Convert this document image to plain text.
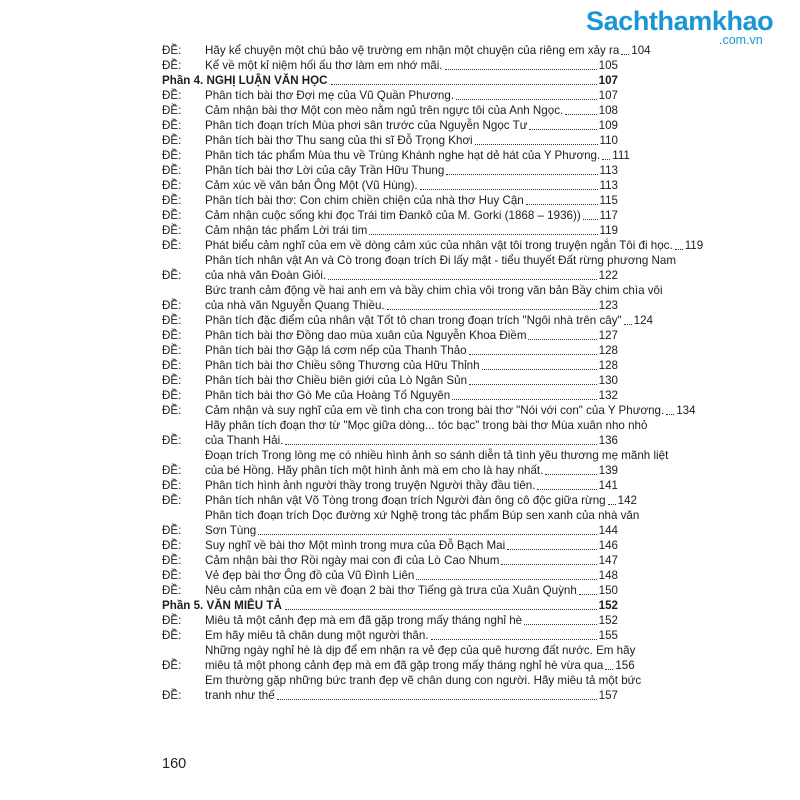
Sachthamkhao
.com.vn
ĐỀ:	Hãy kể chuyện một chú bảo vệ trường em nhận một chuyện của riêng em xảy ra 104
ĐỀ:	Kể về một kỉ niệm hối ấu thơ làm em nhớ mãi.	105
Phần 4. NGHỊ LUẬN VĂN HỌC	107
ĐỀ:	Phân tích bài thơ Đợi mẹ của Vũ Quần Phương.	107
ĐỀ:	Cảm nhận bài thơ Một con mèo nằm ngủ trên ngực tôi của Anh Ngọc.	108
ĐỀ:	Phân tích đoạn trích Mùa phơi sân trước của Nguyễn Ngọc Tư	109
ĐỀ:	Phân tích bài thơ Thu sang của thi sĩ Đỗ Trọng Khơi	110
ĐỀ:	Phân tích tác phẩm Mùa thu về Trùng Khánh nghe hạt dẻ hát của Y Phương. 111
ĐỀ:	Phân tích bài thơ Lời của cây Trần Hữu Thung	113
ĐỀ:	Cảm xúc về văn bản Ông Một (Vũ Hùng).	113
ĐỀ:	Phân tích bài thơ: Con chim chiền chiện của nhà thơ Huy Cận	115
ĐỀ:	Cảm nhận cuộc sống khi đọc Trái tim Đankô của M. Gorki (1868 – 1936)) 117
ĐỀ:	Cảm nhận tác phẩm Lời trái tim	119
ĐỀ:	Phát biểu cảm nghĩ của em về dòng cảm xúc của nhân vật tôi trong truyện ngắn Tôi đi học. 119
ĐỀ:
Phân tích nhân vật An và Cò trong đoạn trích Đi lấy mật - tiểu thuyết Đất rừng phương Nam
của nhà văn Đoàn Giỏi.	122
ĐỀ:
Bức tranh cảm động về hai anh em và bầy chim chìa vôi trong văn bản Bầy chim chìa vôi
của nhà văn Nguyễn Quang Thiều.	123
ĐỀ:	Phân tích đặc điểm của nhân vật Tốt tô chan trong đoạn trích "Ngôi nhà trên cây" 124
ĐỀ:	Phân tích bài thơ Đồng dao mùa xuân của Nguyễn Khoa Điềm	127
ĐỀ:	Phân tích bài thơ Gặp lá cơm nếp của Thanh Thảo	128
ĐỀ:	Phân tích bài thơ Chiều sông Thương của Hữu Thỉnh	128
ĐỀ:	Phân tích bài thơ Chiều biên giới của Lò Ngân Sủn	130
ĐỀ:	Phân tích bài thơ Gò Me của Hoàng Tố Nguyên	132
ĐỀ:	Cảm nhận và suy nghĩ của em về tình cha con trong bài thơ "Nói với con" của Y Phương. 134
ĐỀ:
Hãy phân tích đoạn thơ từ "Mọc giữa dòng... tóc bạc" trong bài thơ Mùa xuân nho nhỏ
của Thanh Hải.	136
ĐỀ:
Đoạn trích Trong lòng mẹ có nhiều hình ảnh so sánh diễn tả tình yêu thương mẹ mãnh liệt
của bé Hồng. Hãy phân tích một hình ảnh mà em cho là hay nhất.	139
ĐỀ:	Phân tích hình ảnh người thầy trong truyện Người thầy đầu tiên.	141
ĐỀ:	Phân tích nhân vật Võ Tòng trong đoạn trích Người đàn ông cô độc giữa rừng 142
ĐỀ:
Phân tích đoạn trích Dọc đường xứ Nghệ trong tác phẩm Búp sen xanh của nhà văn
Sơn Tùng	144
ĐỀ:	Suy nghĩ về bài thơ Một mình trong mưa của Đỗ Bạch Mai	146
ĐỀ:	Cảm nhận bài thơ Rồi ngày mai con đi của Lò Cao Nhum	147
ĐỀ:	Vẻ đẹp bài thơ Ông đồ của Vũ Đình Liên	148
ĐỀ:	Nêu cảm nhận của em về đoạn 2 bài thơ Tiếng gà trưa của Xuân Quỳnh 150
Phần 5. VĂN MIÊU TẢ	152
ĐỀ:	Miêu tả một cảnh đẹp mà em đã gặp trong mấy tháng nghỉ hè	152
ĐỀ:	Em hãy miêu tả chân dung một người thân.	155
ĐỀ:
Những ngày nghỉ hè là dịp để em nhận ra vẻ đẹp của quê hương đất nước. Em hãy
miêu tả một phong cảnh đẹp mà em đã gặp trong mấy tháng nghỉ hè vừa qua 156
ĐỀ:
Em thường gặp những bức tranh đẹp vẽ chân dung con người. Hãy miêu tả một bức
tranh như thế	157
160
